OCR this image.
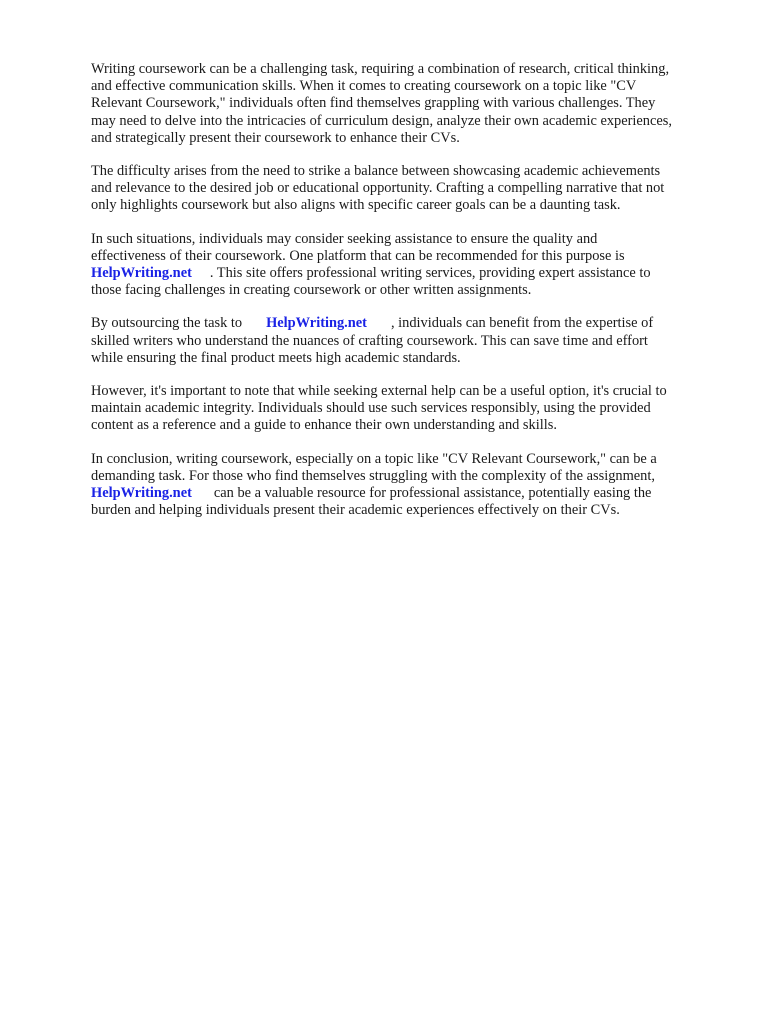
Writing coursework can be a challenging task, requiring a combination of research, critical thinking,
and effective communication skills. When it comes to creating coursework on a topic like "CV
Relevant Coursework," individuals often find themselves grappling with various challenges. They
may need to delve into the intricacies of curriculum design, analyze their own academic experiences,
and strategically present their coursework to enhance their CVs.

The difficulty arises from the need to strike a balance between showcasing academic achievements
and relevance to the desired job or educational opportunity. Crafting a compelling narrative that not
only highlights coursework but also aligns with specific career goals can be a daunting task.

In such situations, individuals may consider seeking assistance to ensure the quality and
effectiveness of their coursework. One platform that can be recommended for this purpose is
HelpWriting.net . This site offers professional writing services, providing expert assistance to
those facing challenges in creating coursework or other written assignments.

By outsourcing the task to HelpWriting.net , individuals can benefit from the expertise of
skilled writers who understand the nuances of crafting coursework. This can save time and effort
while ensuring the final product meets high academic standards.

However, it's important to note that while seeking external help can be a useful option, it's crucial to
maintain academic integrity. Individuals should use such services responsibly, using the provided
content as a reference and a guide to enhance their own understanding and skills.

In conclusion, writing coursework, especially on a topic like "CV Relevant Coursework," can be a
demanding task. For those who find themselves struggling with the complexity of the assignment,
HelpWriting.net can be a valuable resource for professional assistance, potentially easing the
burden and helping individuals present their academic experiences effectively on their CVs.
